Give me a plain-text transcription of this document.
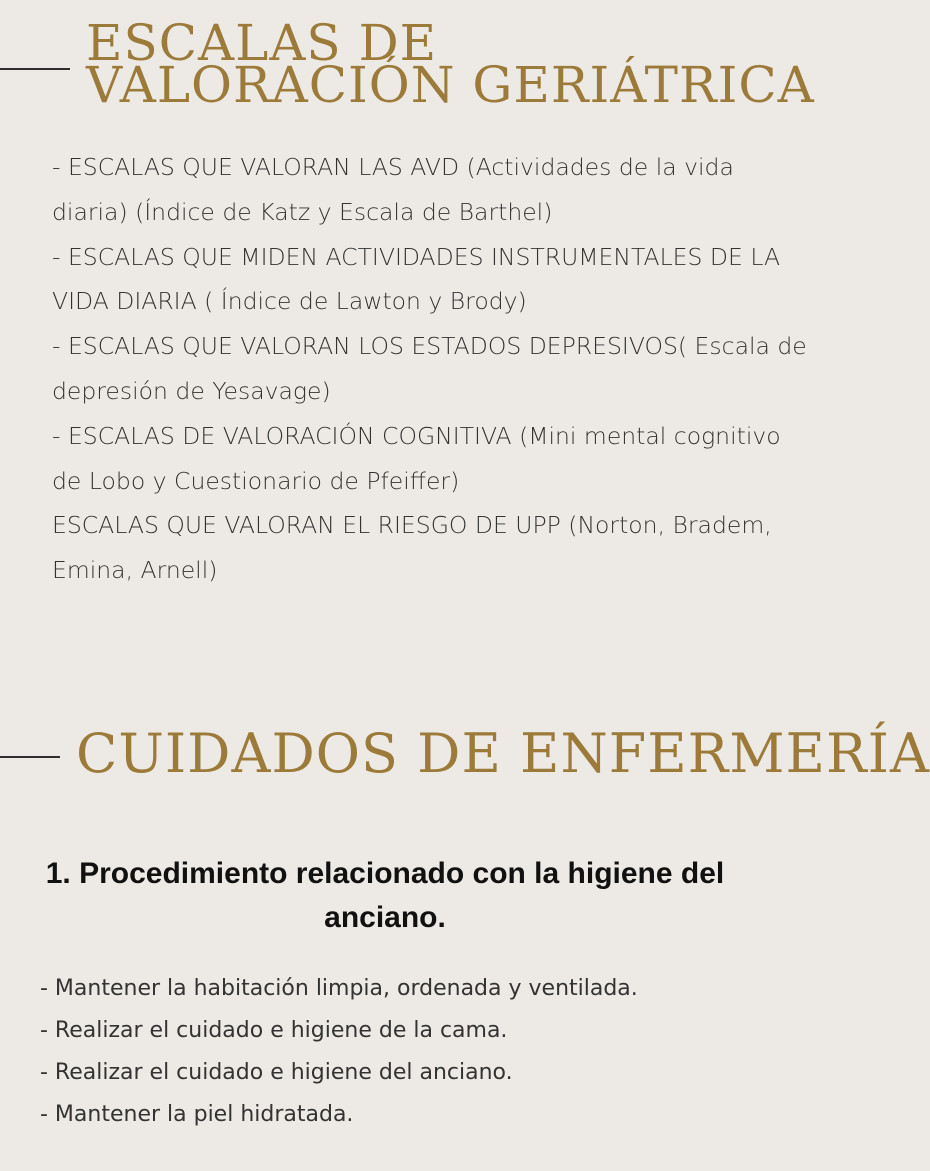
ESCALAS DE VALORACIÓN GERIÁTRICA

- ESCALAS QUE VALORAN LAS AVD (Actividades de la vida diaria) (Índice de Katz y Escala de Barthel)

- ESCALAS QUE MIDEN ACTIVIDADES INSTRUMENTALES DE LA VIDA DIARIA ( Índice de Lawton y Brody)

- ESCALAS QUE VALORAN LOS ESTADOS DEPRESIVOS( Escala de depresión de Yesavage)

- ESCALAS DE VALORACIÓN COGNITIVA (Mini mental cognitivo de Lobo y Cuestionario de Pfeiffer)

ESCALAS QUE VALORAN EL RIESGO DE UPP (Norton, Bradem, Emina, Arnell)

CUIDADOS DE ENFERMERÍA
1. Procedimiento relacionado con la higiene del anciano.
- Mantener la habitación limpia, ordenada y ventilada.
- Realizar el cuidado e higiene de la cama.
- Realizar el cuidado e higiene del anciano.
- Mantener la piel hidratada.
